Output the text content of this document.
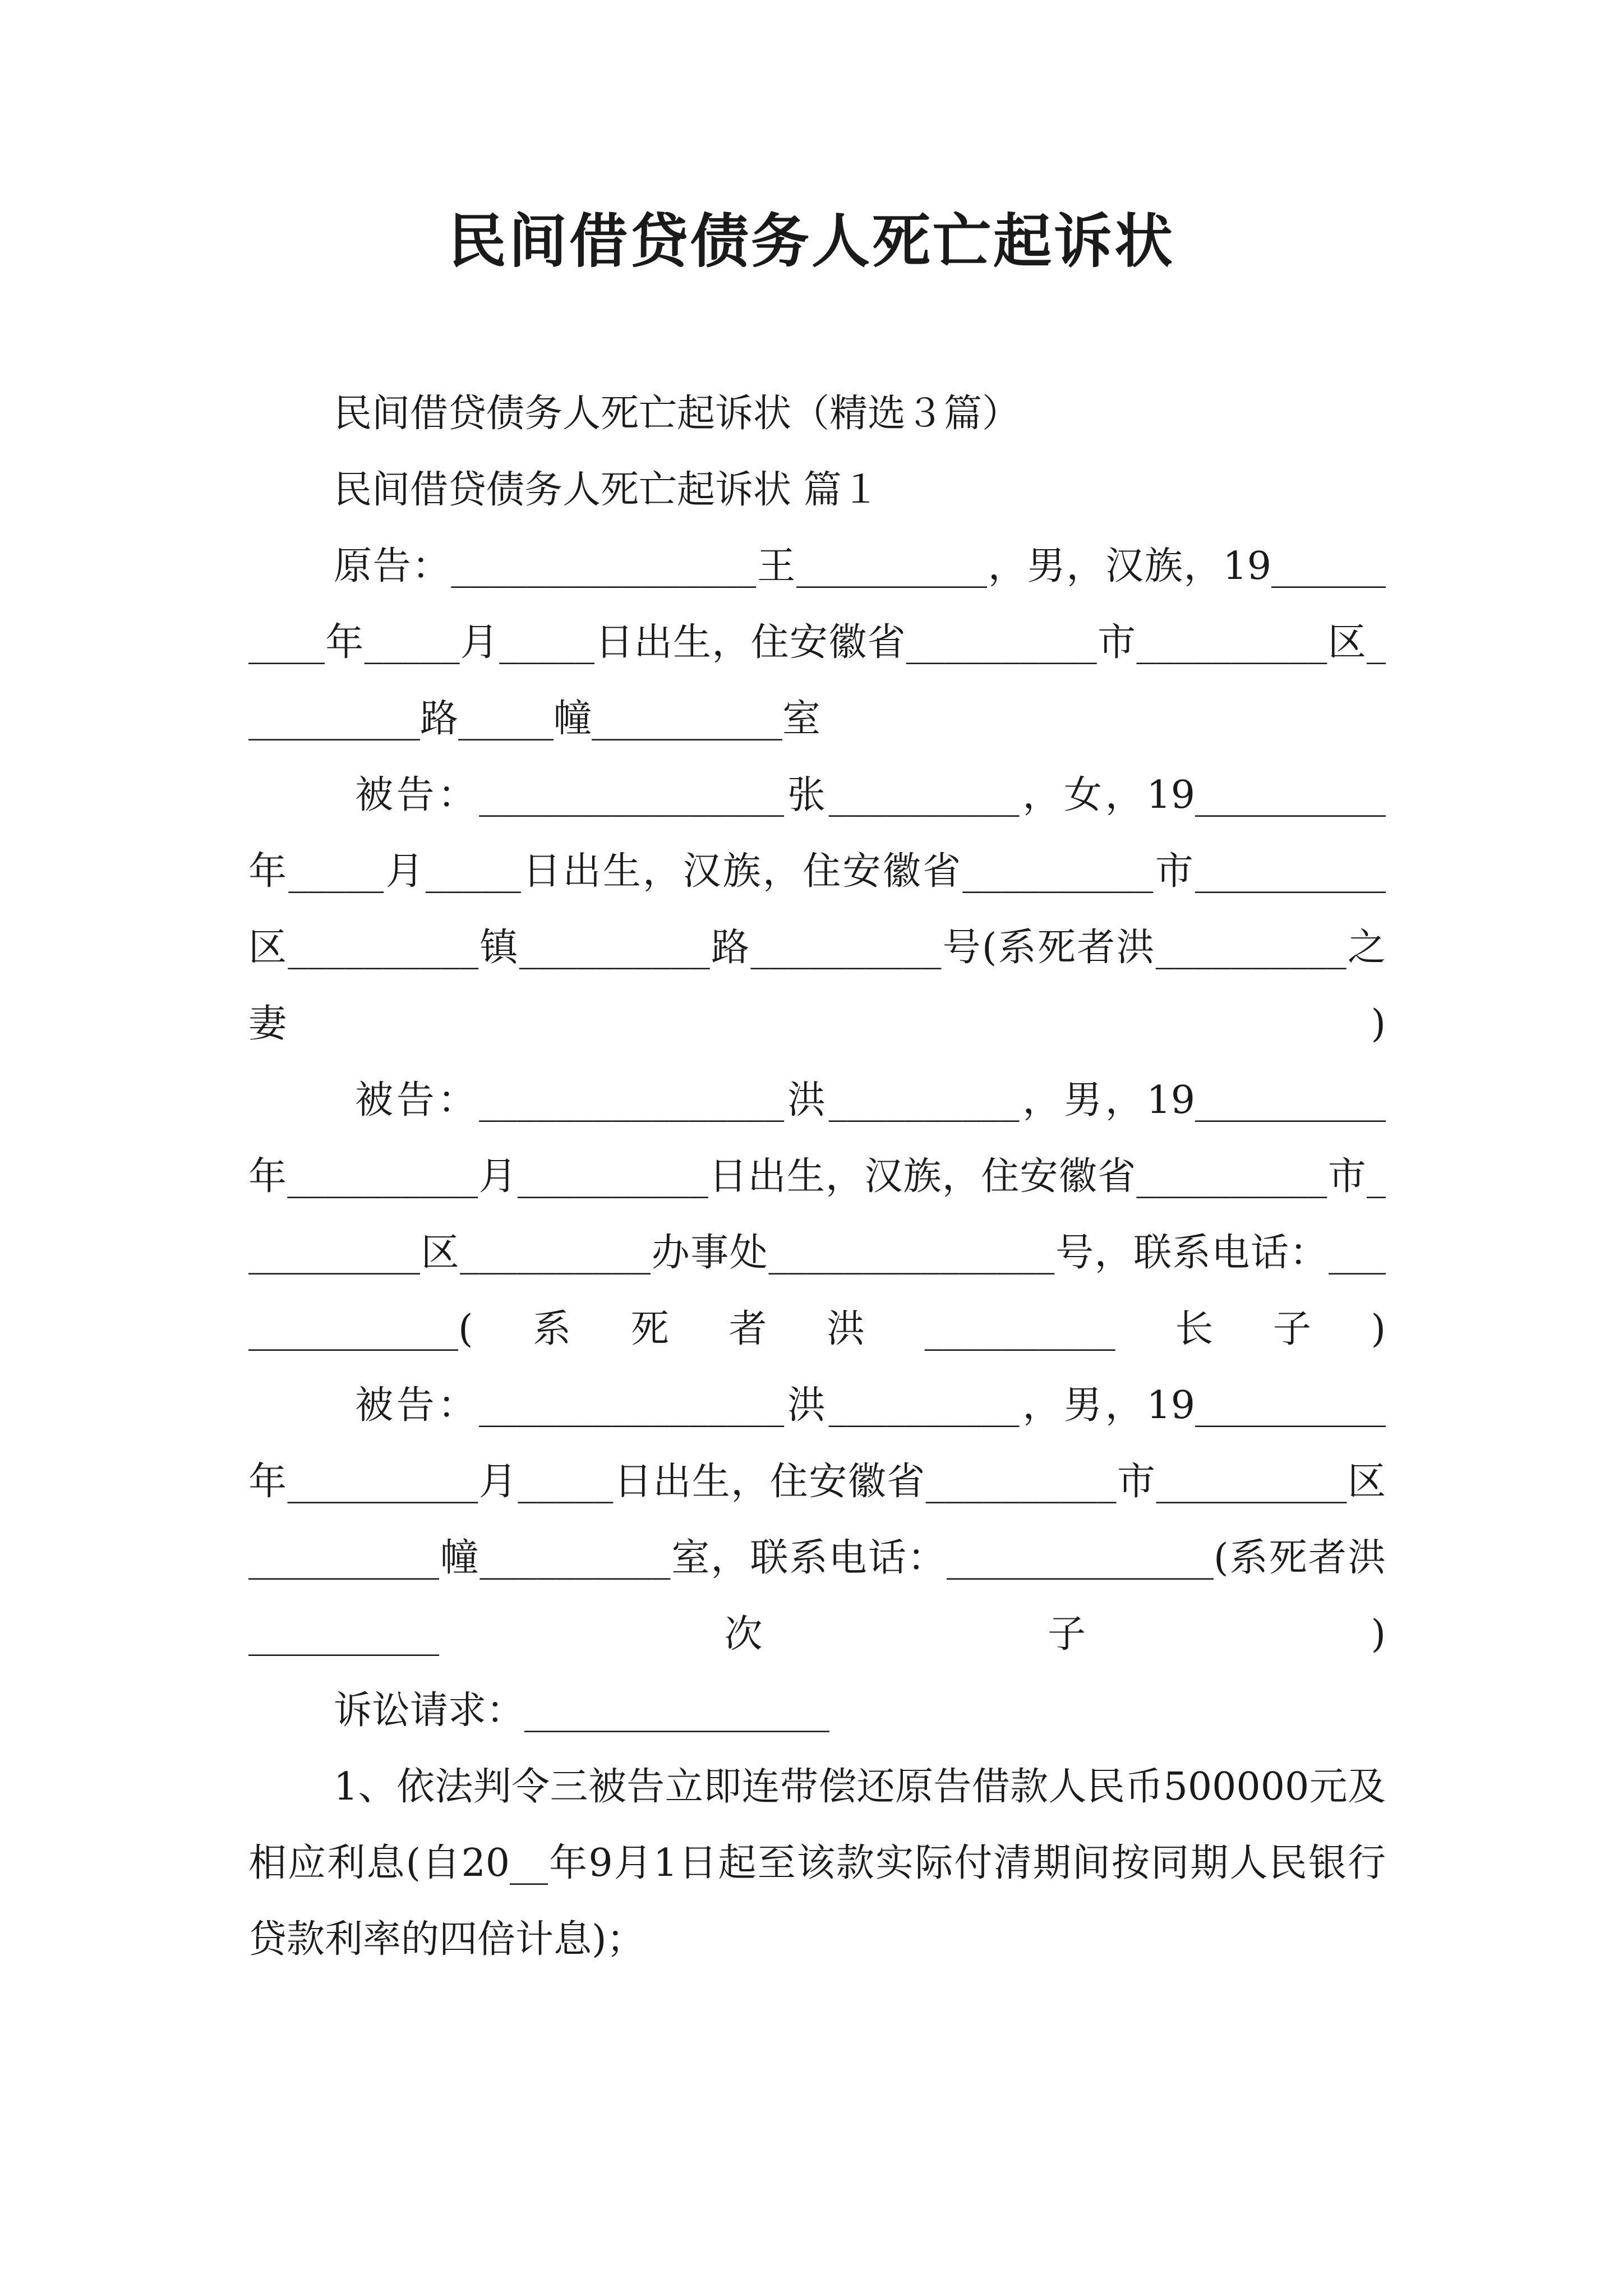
民间借贷债务人死亡起诉状

民间借贷债务人死亡起诉状（精选３篇）

民间借贷债务人死亡起诉状 篇１

原告：________________王__________，男，汉族，19__________年_____月_____日出生，住安徽省__________市__________区__________路_____幢__________室

被告：________________张__________，女，19__________年_____月_____日出生，汉族，住安徽省__________市__________区__________镇__________路__________号(系死者洪__________之妻)

被告：________________洪__________，男，19__________年__________月__________日出生，汉族，住安徽省__________市__________区__________办事处_______________号，联系电话：______________(系死者洪__________长子)

被告：________________洪__________，男，19__________年__________月_____日出生，住安徽省__________市__________区__________幢__________室，联系电话：______________(系死者洪__________次子)

诉讼请求：________________

1、依法判令三被告立即连带偿还原告借款人民币500000元及相应利息(自20__年9月1日起至该款实际付清期间按同期人民银行贷款利率的四倍计息)；
